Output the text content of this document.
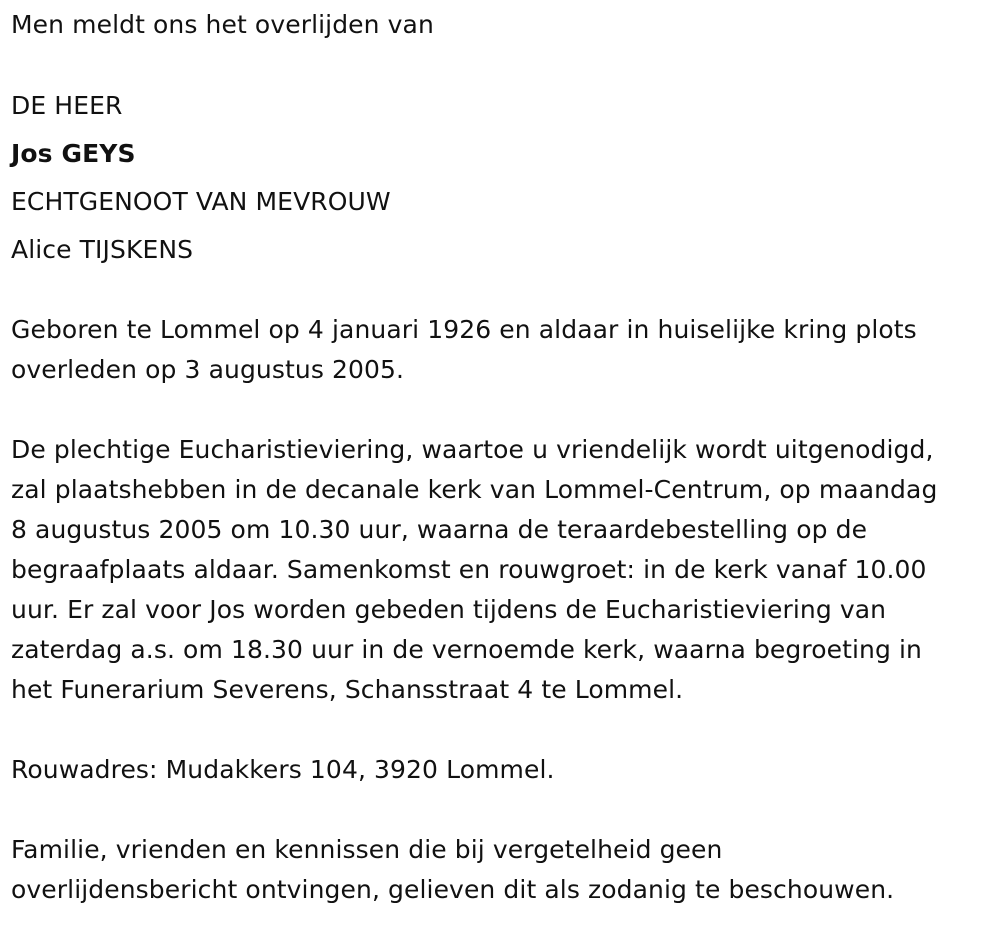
Men meldt ons het overlijden van
DE HEER
Jos GEYS
ECHTGENOOT VAN MEVROUW
Alice TIJSKENS
Geboren te Lommel op 4 januari 1926 en aldaar in huiselijke kring plots
overleden op 3 augustus 2005.
De plechtige Eucharistieviering, waartoe u vriendelijk wordt uitgenodigd,
zal plaatshebben in de decanale kerk van Lommel-Centrum, op maandag
8 augustus 2005 om 10.30 uur, waarna de teraardebestelling op de
begraafplaats aldaar. Samenkomst en rouwgroet: in de kerk vanaf 10.00
uur. Er zal voor Jos worden gebeden tijdens de Eucharistieviering van
zaterdag a.s. om 18.30 uur in de vernoemde kerk, waarna begroeting in
het Funerarium Severens, Schansstraat 4 te Lommel.
Rouwadres: Mudakkers 104, 3920 Lommel.
Familie, vrienden en kennissen die bij vergetelheid geen
overlijdensbericht ontvingen, gelieven dit als zodanig te beschouwen.
